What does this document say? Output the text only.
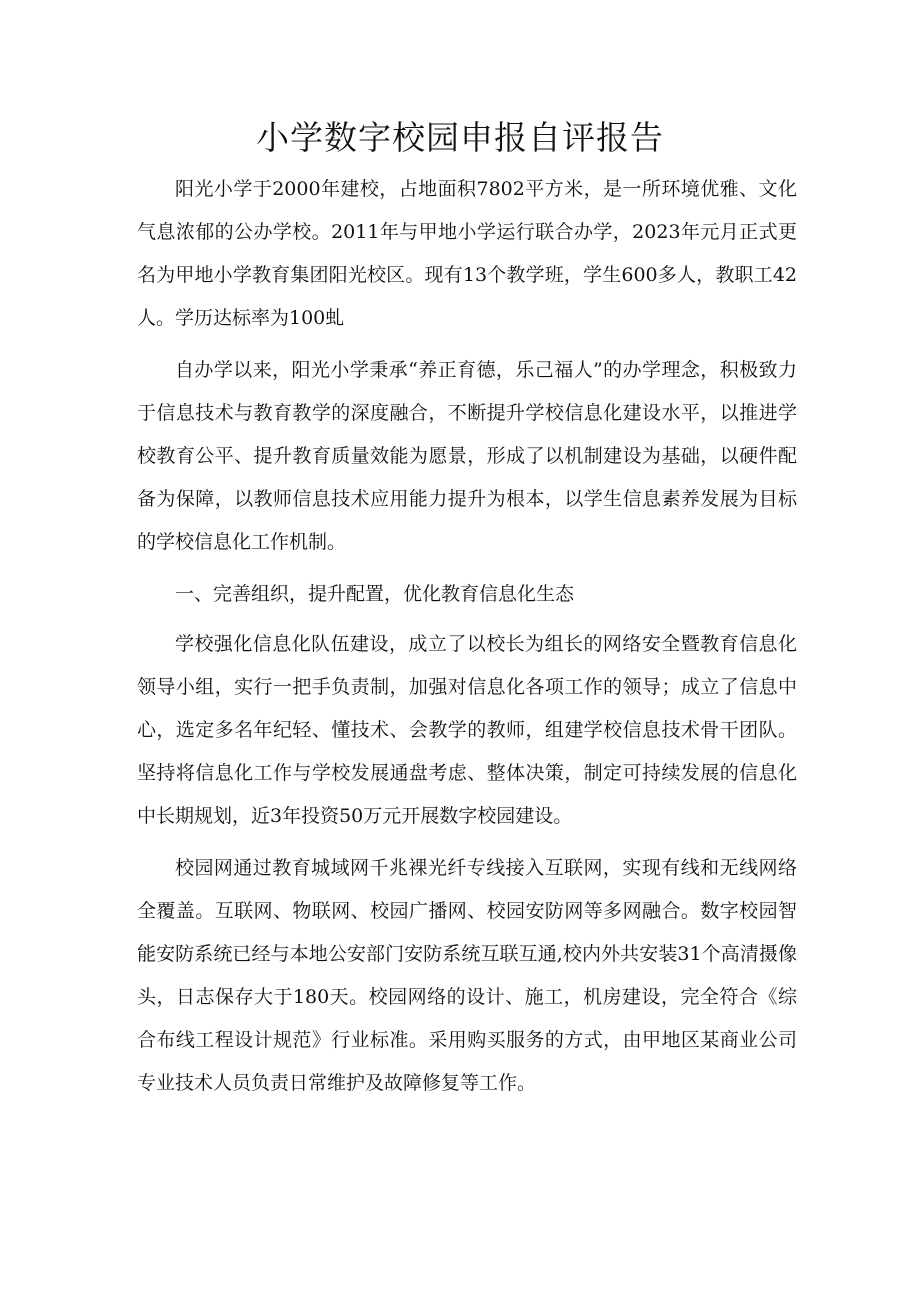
小学数字校园申报自评报告

阳光小学于2000年建校，占地面积7802平方米，是一所环境优雅、文化气息浓郁的公办学校。2011年与甲地小学运行联合办学，2023年元月正式更名为甲地小学教育集团阳光校区。现有13个教学班，学生600多人，教职工42人。学历达标率为100虬

自办学以来，阳光小学秉承“养正育德，乐己福人”的办学理念，积极致力于信息技术与教育教学的深度融合，不断提升学校信息化建设水平，以推进学校教育公平、提升教育质量效能为愿景，形成了以机制建设为基础，以硬件配备为保障，以教师信息技术应用能力提升为根本，以学生信息素养发展为目标的学校信息化工作机制。

一、完善组织，提升配置，优化教育信息化生态

学校强化信息化队伍建设，成立了以校长为组长的网络安全暨教育信息化领导小组，实行一把手负责制，加强对信息化各项工作的领导；成立了信息中心，选定多名年纪轻、懂技术、会教学的教师，组建学校信息技术骨干团队。坚持将信息化工作与学校发展通盘考虑、整体决策，制定可持续发展的信息化中长期规划，近3年投资50万元开展数字校园建设。

校园网通过教育城域网千兆裸光纤专线接入互联网，实现有线和无线网络全覆盖。互联网、物联网、校园广播网、校园安防网等多网融合。数字校园智能安防系统已经与本地公安部门安防系统互联互通,校内外共安装31个高清摄像头，日志保存大于180天。校园网络的设计、施工，机房建设，完全符合《综合布线工程设计规范》行业标准。采用购买服务的方式，由甲地区某商业公司专业技术人员负责日常维护及故障修复等工作。
